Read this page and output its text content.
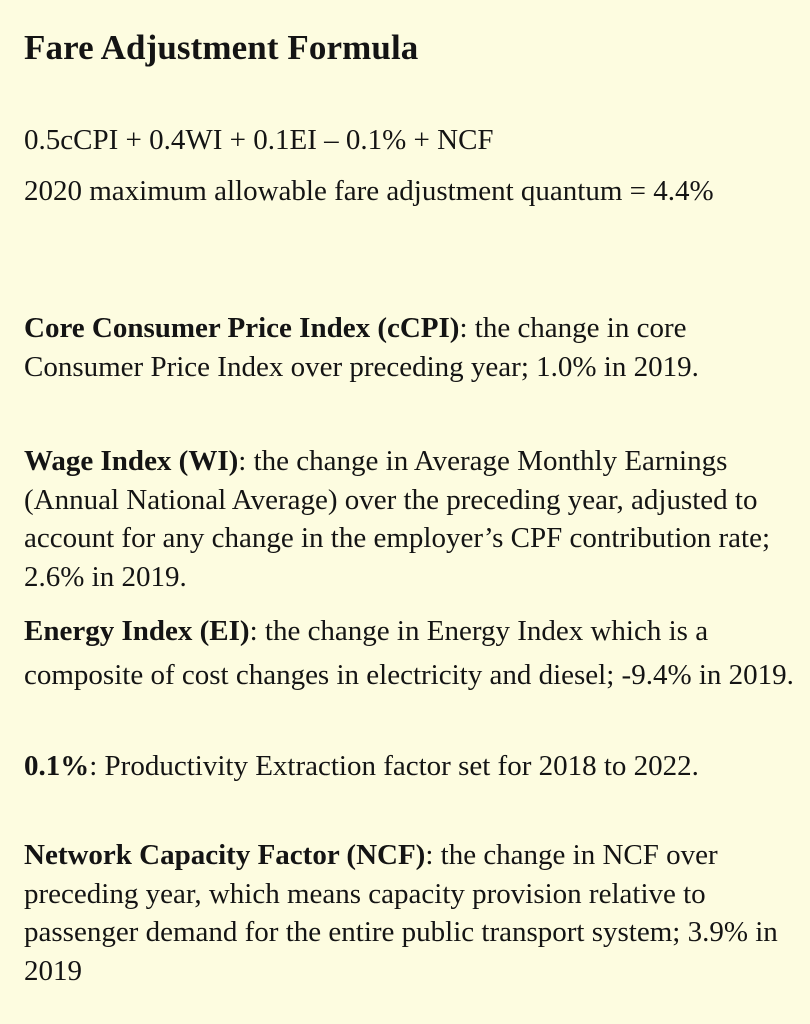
Fare Adjustment Formula
0.5cCPI + 0.4WI + 0.1EI – 0.1% + NCF
2020 maximum allowable fare adjustment quantum = 4.4%

Core Consumer Price Index (cCPI): the change in core Consumer Price Index over preceding year; 1.0% in 2019.

Wage Index (WI): the change in Average Monthly Earnings (Annual National Average) over the preceding year, adjusted to account for any change in the employer’s CPF contribution rate; 2.6% in 2019.

Energy Index (EI): the change in Energy Index which is a composite of cost changes in electricity and diesel; -9.4% in 2019.

0.1%: Productivity Extraction factor set for 2018 to 2022.

Network Capacity Factor (NCF): the change in NCF over preceding year, which means capacity provision relative to passenger demand for the entire public transport system; 3.9% in 2019
